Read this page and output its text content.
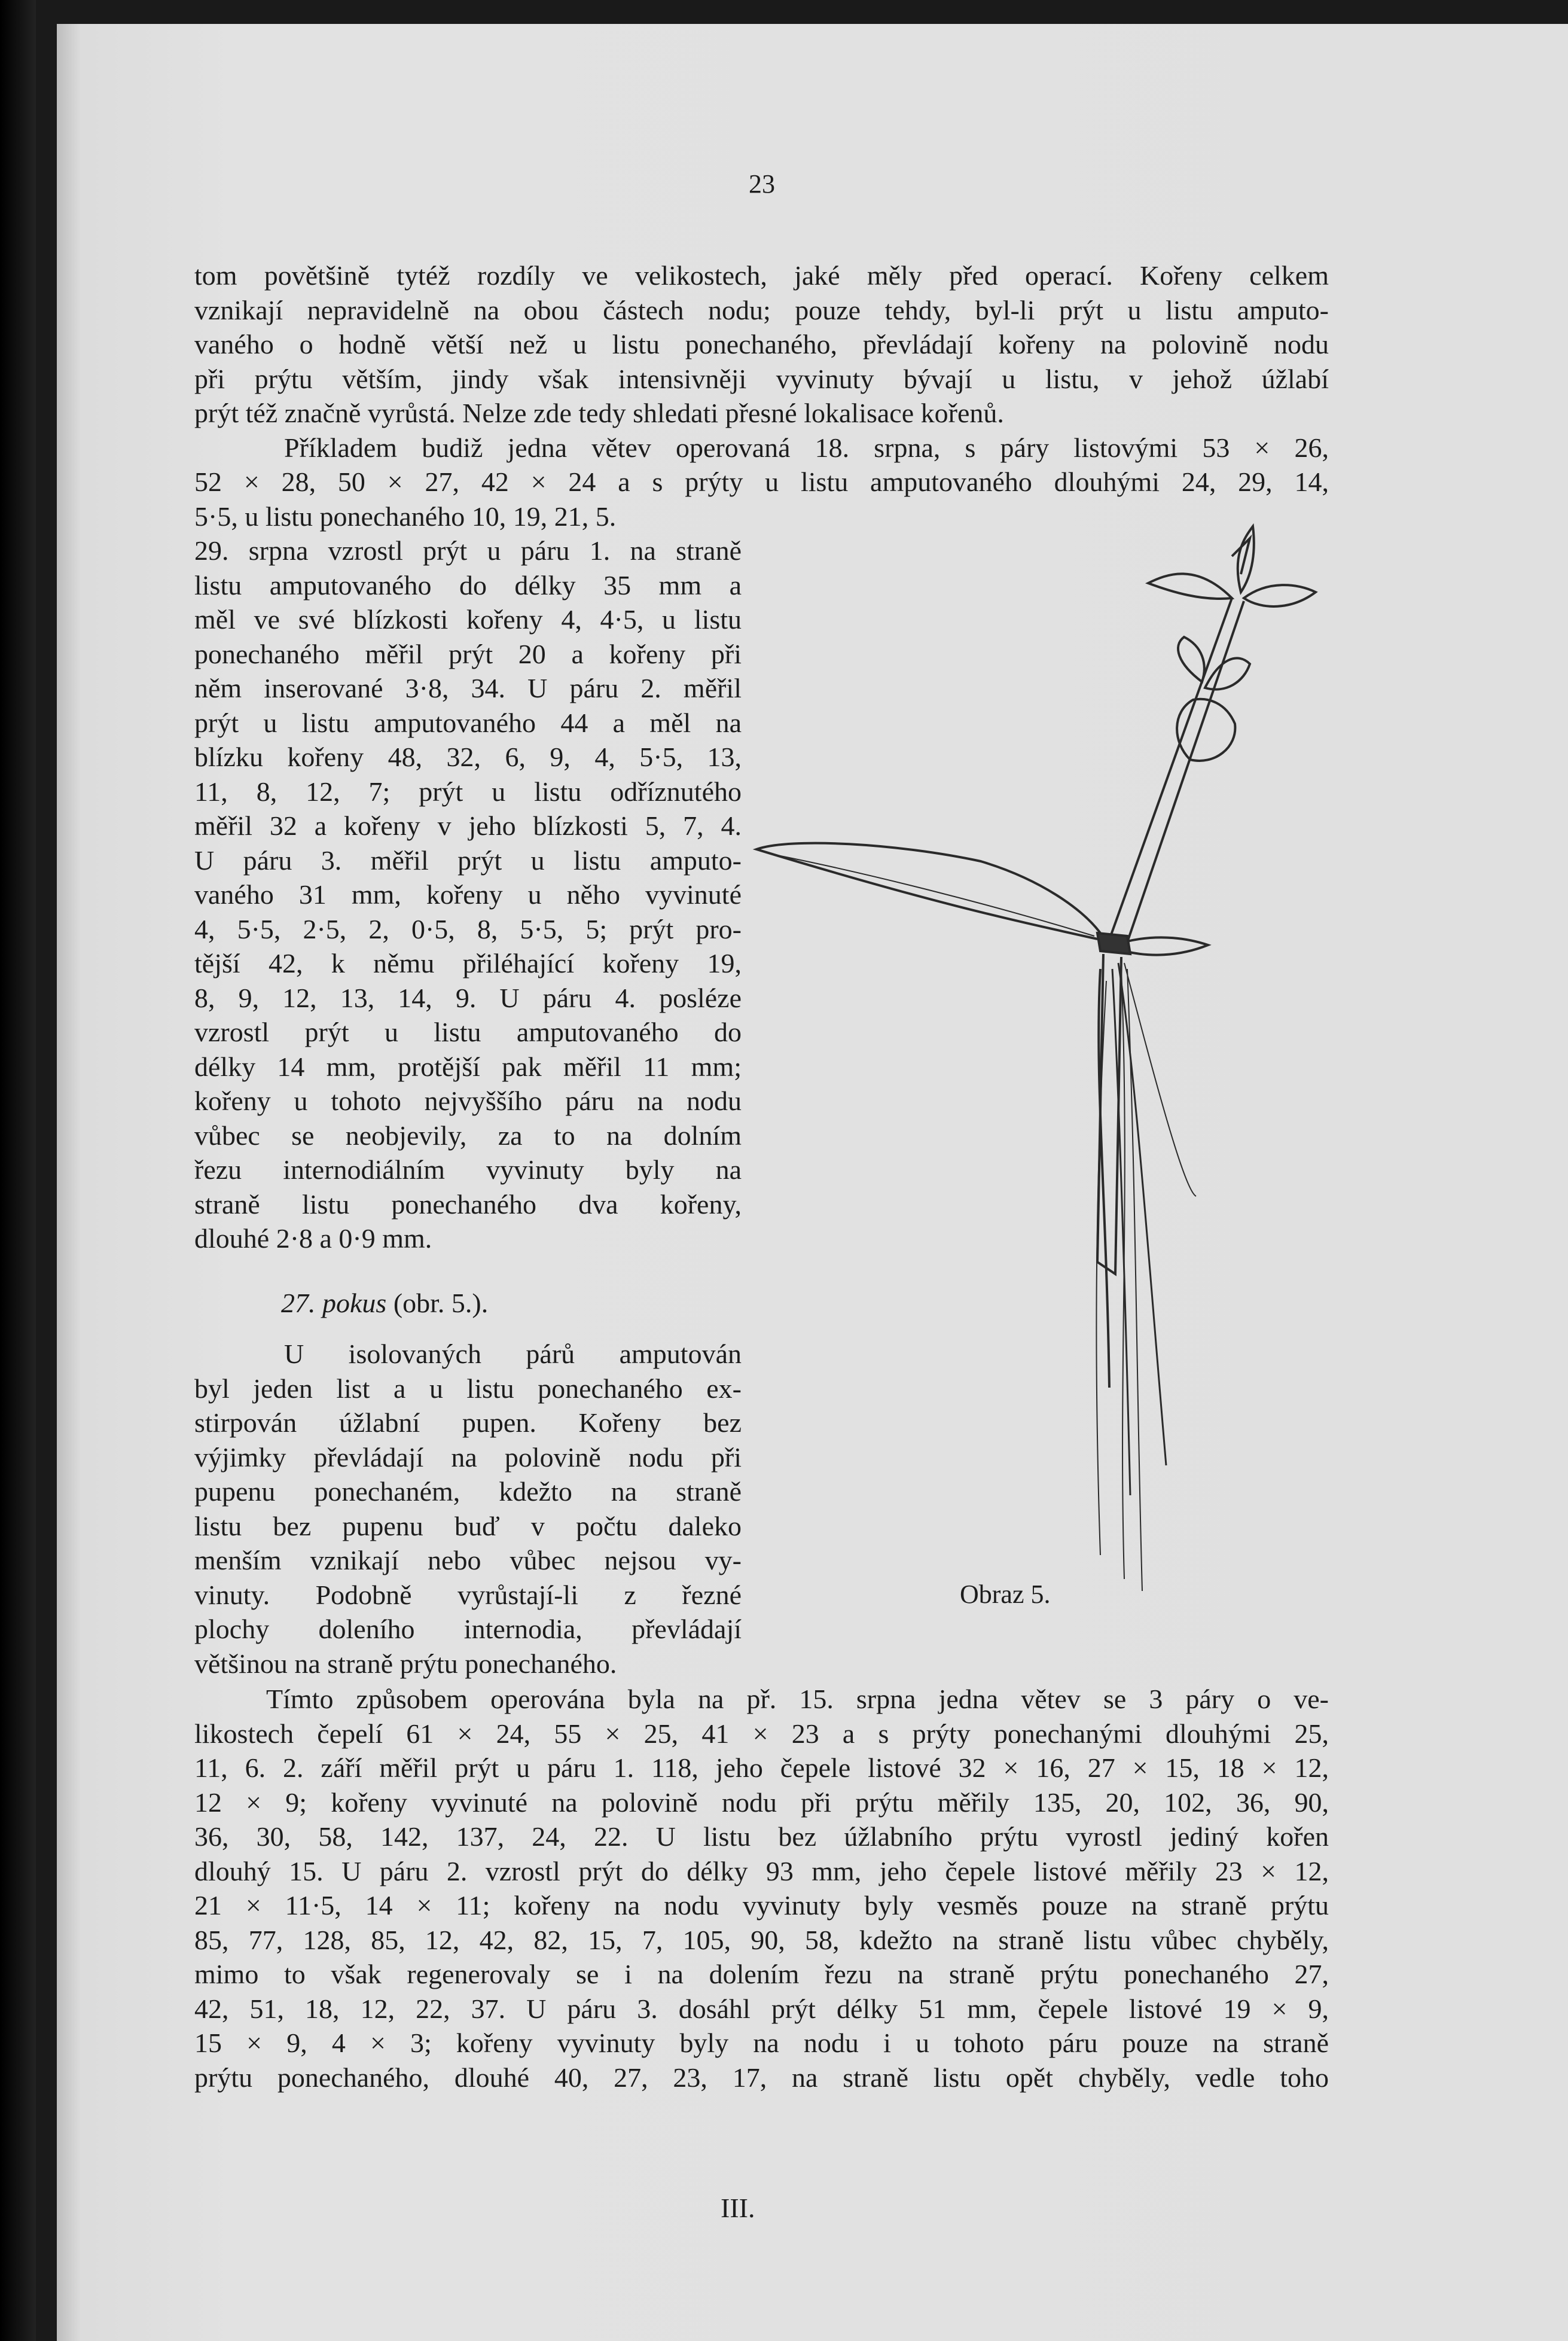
23
tom povětšině tytéž rozdíly ve velikostech, jaké měly před operací. Kořeny celkem
vznikají nepravidelně na obou částech nodu; pouze tehdy, byl-li prýt u listu amputo-
vaného o hodně větší než u listu ponechaného, převládají kořeny na polovině nodu
při prýtu větším, jindy však intensivněji vyvinuty bývají u listu, v jehož úžlabí
prýt též značně vyrůstá. Nelze zde tedy shledati přesné lokalisace kořenů.
Příkladem budiž jedna větev operovaná 18. srpna, s páry listovými 53 × 26,
52 × 28, 50 × 27, 42 × 24 a s prýty u listu amputovaného dlouhými 24, 29, 14,
5·5, u listu ponechaného 10, 19, 21, 5.
29. srpna vzrostl prýt u páru 1. na straně
listu amputovaného do délky 35 mm a
měl ve své blízkosti kořeny 4, 4·5, u listu
ponechaného měřil prýt 20 a kořeny při
něm inserované 3·8, 34. U páru 2. měřil
prýt u listu amputovaného 44 a měl na
blízku kořeny 48, 32, 6, 9, 4, 5·5, 13,
11, 8, 12, 7; prýt u listu odříznutého
měřil 32 a kořeny v jeho blízkosti 5, 7, 4.
U páru 3. měřil prýt u listu amputo-
vaného 31 mm, kořeny u něho vyvinuté
4, 5·5, 2·5, 2, 0·5, 8, 5·5, 5; prýt pro-
tější 42, k němu přiléhající kořeny 19,
8, 9, 12, 13, 14, 9. U páru 4. posléze
vzrostl prýt u listu amputovaného do
délky 14 mm, protější pak měřil 11 mm;
kořeny u tohoto nejvyššího páru na nodu
vůbec se neobjevily, za to na dolním
řezu internodiálním vyvinuty byly na
straně listu ponechaného dva kořeny,
dlouhé 2·8 a 0·9 mm.
27. pokus (obr. 5.).
U isolovaných párů amputován
byl jeden list a u listu ponechaného ex-
stirpován úžlabní pupen. Kořeny bez
výjimky převládají na polovině nodu při
pupenu ponechaném, kdežto na straně
listu bez pupenu buď v počtu daleko
menším vznikají nebo vůbec nejsou vy-
vinuty. Podobně vyrůstají-li z řezné
plochy doleního internodia, převládají
většinou na straně prýtu ponechaného.
Tímto způsobem operována byla na př. 15. srpna jedna větev se 3 páry o ve-
likostech čepelí 61 × 24, 55 × 25, 41 × 23 a s prýty ponechanými dlouhými 25,
11, 6. 2. září měřil prýt u páru 1. 118, jeho čepele listové 32 × 16, 27 × 15, 18 × 12,
12 × 9; kořeny vyvinuté na polovině nodu při prýtu měřily 135, 20, 102, 36, 90,
36, 30, 58, 142, 137, 24, 22. U listu bez úžlabního prýtu vyrostl jediný kořen
dlouhý 15. U páru 2. vzrostl prýt do délky 93 mm, jeho čepele listové měřily 23 × 12,
21 × 11·5, 14 × 11; kořeny na nodu vyvinuty byly vesměs pouze na straně prýtu
85, 77, 128, 85, 12, 42, 82, 15, 7, 105, 90, 58, kdežto na straně listu vůbec chyběly,
mimo to však regenerovaly se i na dolením řezu na straně prýtu ponechaného 27,
42, 51, 18, 12, 22, 37. U páru 3. dosáhl prýt délky 51 mm, čepele listové 19 × 9,
15 × 9, 4 × 3; kořeny vyvinuty byly na nodu i u tohoto páru pouze na straně
prýtu ponechaného, dlouhé 40, 27, 23, 17, na straně listu opět chyběly, vedle toho
Obraz 5.
III.
